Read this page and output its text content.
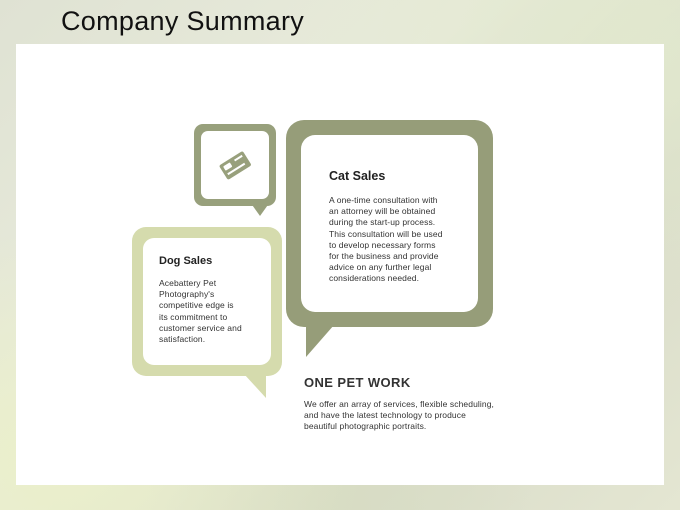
Company Summary
Cat Sales

A one-time consultation with
an attorney will be obtained
during the start-up process.
This consultation will be used
to develop necessary forms
for the business and provide
advice on any further legal
considerations needed.

Dog Sales

Acebattery Pet
Photography's
competitive edge is
its commitment to
customer service and
satisfaction.

ONE PET WORK

We offer an array of services, flexible scheduling,
and have the latest technology to produce
beautiful photographic portraits.
